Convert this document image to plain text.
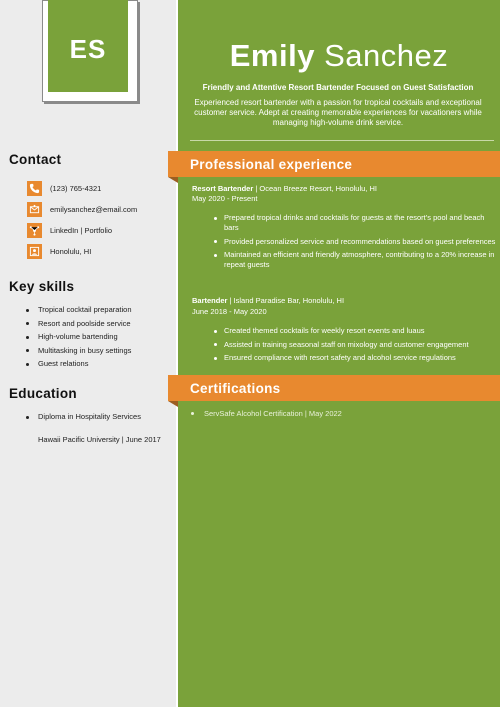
ES	Emily Sanchez
Friendly and Attentive Resort Bartender Focused on Guest Satisfaction
Experienced resort bartender with a passion for tropical cocktails and exceptional customer service. Adept at creating memorable experiences for vacationers while managing high-volume drink service.
Contact
(123) 765-4321
emilysanchez@email.com
LinkedIn | Portfolio
Honolulu, HI
Key skills
Tropical cocktail preparation
Resort and poolside service
High-volume bartending
Multitasking in busy settings
Guest relations
Education
Diploma in Hospitality Services
Hawaii Pacific University | June 2017
Professional experience
Resort Bartender | Ocean Breeze Resort, Honolulu, HI
May 2020 - Present
Prepared tropical drinks and cocktails for guests at the resort’s pool and beach bars
Provided personalized service and recommendations based on guest preferences
Maintained an efficient and friendly atmosphere, contributing to a 20% increase in repeat guests
Bartender | Island Paradise Bar, Honolulu, HI
June 2018 - May 2020
Created themed cocktails for weekly resort events and luaus
Assisted in training seasonal staff on mixology and customer engagement
Ensured compliance with resort safety and alcohol service regulations
Certifications
ServSafe Alcohol Certification | May 2022
